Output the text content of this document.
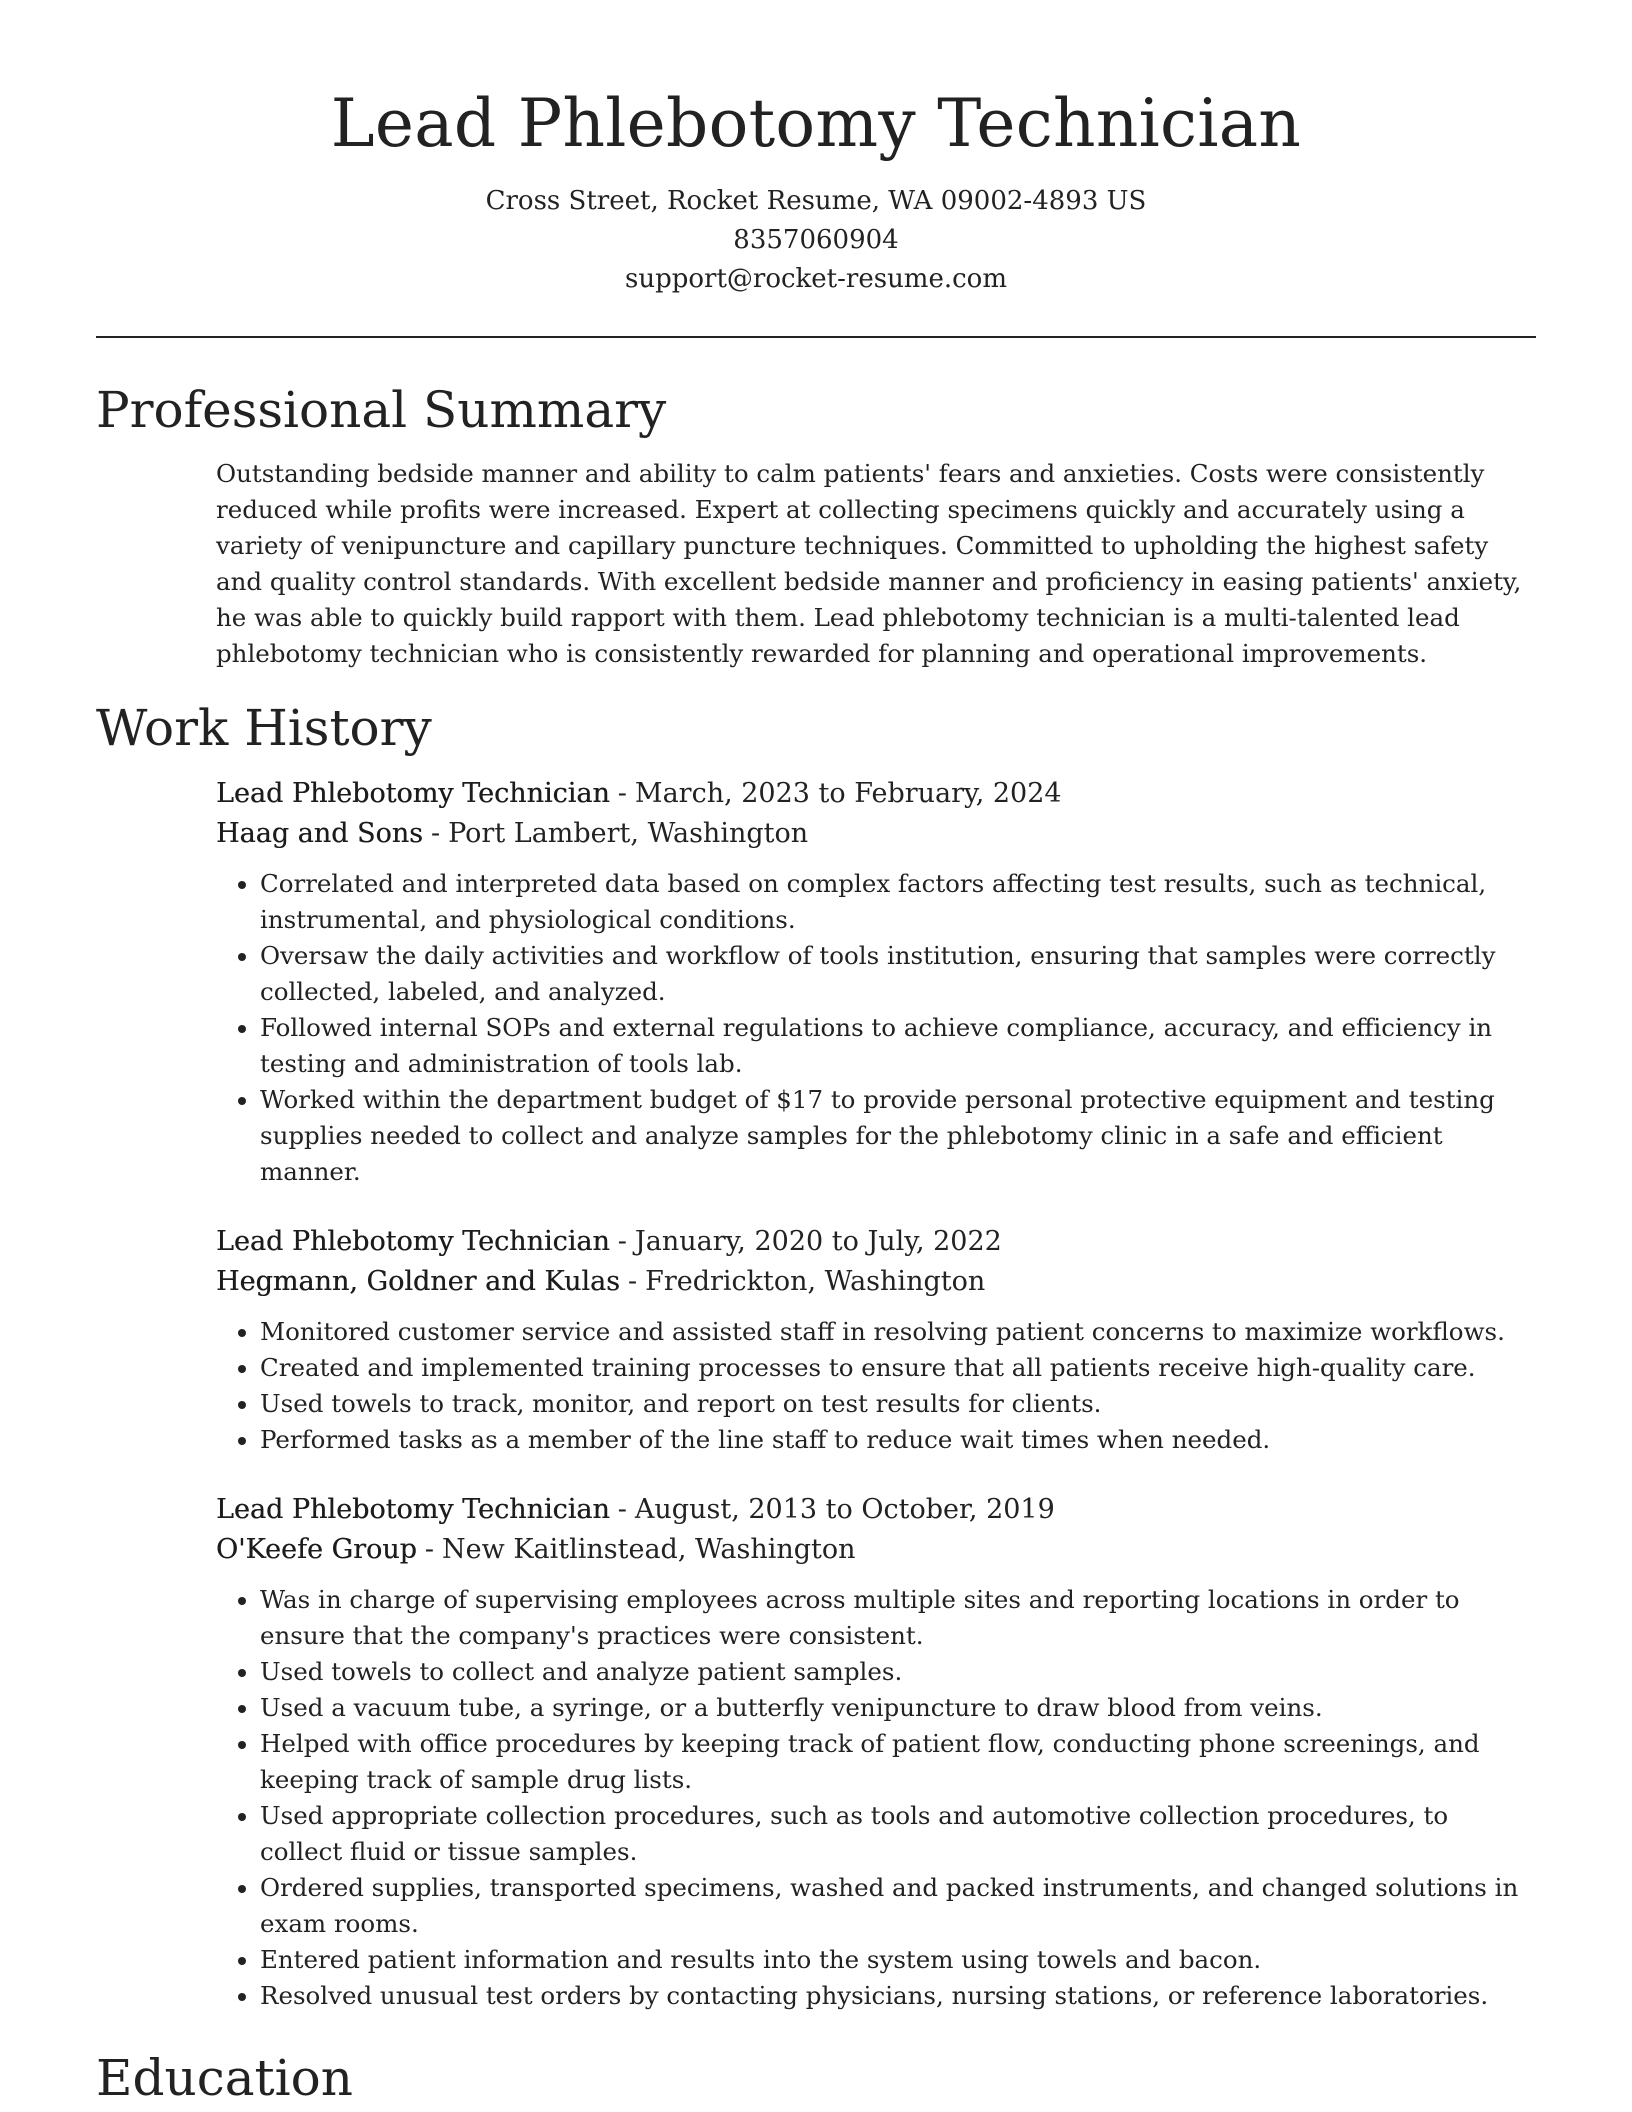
Lead Phlebotomy Technician

Cross Street, Rocket Resume, WA 09002-4893 US

8357060904

support@rocket-resume.com

Professional Summary

Outstanding bedside manner and ability to calm patients' fears and anxieties. Costs were consistently reduced while profits were increased. Expert at collecting specimens quickly and accurately using a variety of venipuncture and capillary puncture techniques. Committed to upholding the highest safety and quality control standards. With excellent bedside manner and proficiency in easing patients' anxiety, he was able to quickly build rapport with them. Lead phlebotomy technician is a multi-talented lead phlebotomy technician who is consistently rewarded for planning and operational improvements.

Work History

Lead Phlebotomy Technician - March, 2023 to February, 2024

Haag and Sons - Port Lambert, Washington

• Correlated and interpreted data based on complex factors affecting test results, such as technical, instrumental, and physiological conditions.
• Oversaw the daily activities and workflow of tools institution, ensuring that samples were correctly collected, labeled, and analyzed.
• Followed internal SOPs and external regulations to achieve compliance, accuracy, and efficiency in testing and administration of tools lab.
• Worked within the department budget of $17 to provide personal protective equipment and testing supplies needed to collect and analyze samples for the phlebotomy clinic in a safe and efficient manner.

Lead Phlebotomy Technician - January, 2020 to July, 2022

Hegmann, Goldner and Kulas - Fredrickton, Washington

• Monitored customer service and assisted staff in resolving patient concerns to maximize workflows.
• Created and implemented training processes to ensure that all patients receive high-quality care.
• Used towels to track, monitor, and report on test results for clients.
• Performed tasks as a member of the line staff to reduce wait times when needed.

Lead Phlebotomy Technician - August, 2013 to October, 2019

O'Keefe Group - New Kaitlinstead, Washington

• Was in charge of supervising employees across multiple sites and reporting locations in order to ensure that the company's practices were consistent.
• Used towels to collect and analyze patient samples.
• Used a vacuum tube, a syringe, or a butterfly venipuncture to draw blood from veins.
• Helped with office procedures by keeping track of patient flow, conducting phone screenings, and keeping track of sample drug lists.
• Used appropriate collection procedures, such as tools and automotive collection procedures, to collect fluid or tissue samples.
• Ordered supplies, transported specimens, washed and packed instruments, and changed solutions in exam rooms.
• Entered patient information and results into the system using towels and bacon.
• Resolved unusual test orders by contacting physicians, nursing stations, or reference laboratories.
Education
